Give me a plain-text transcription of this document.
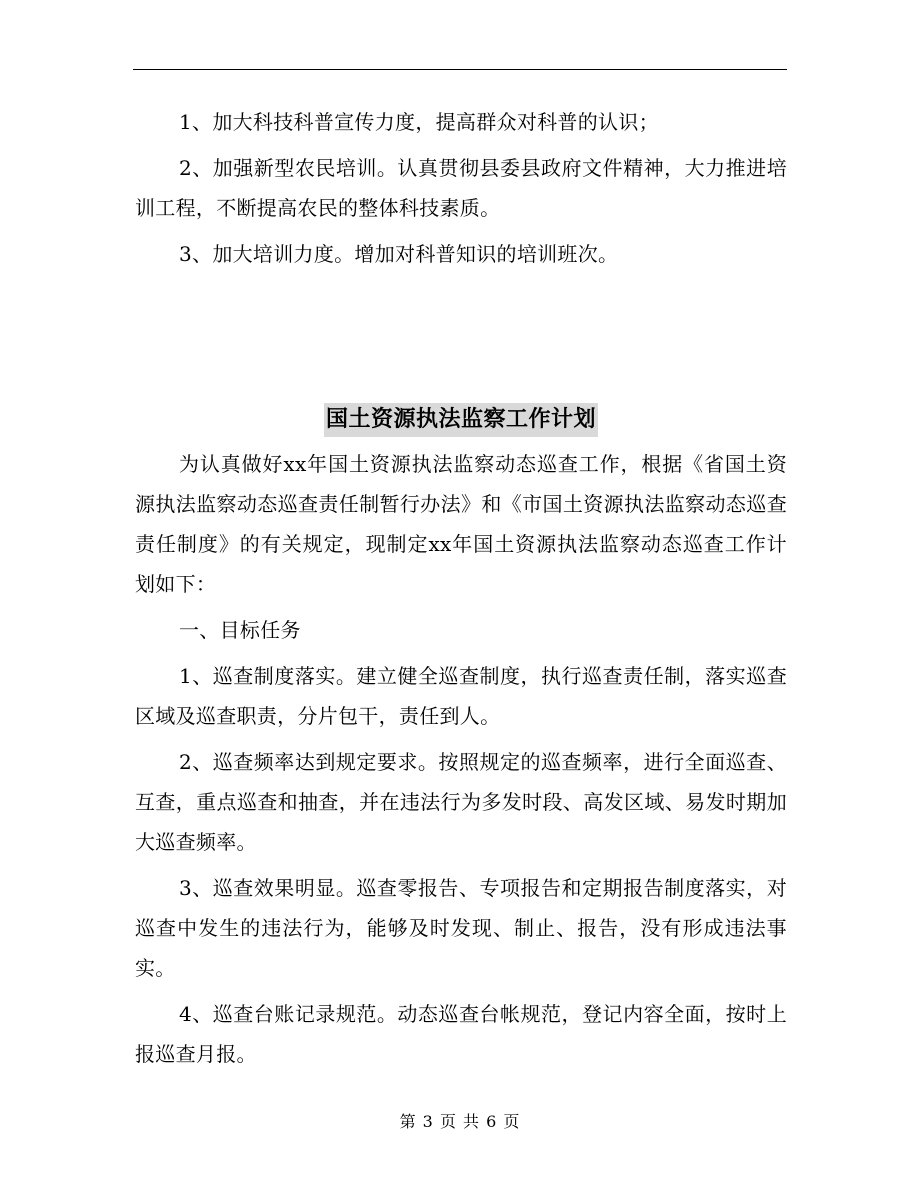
1、加大科技科普宣传力度，提高群众对科普的认识；

2、加强新型农民培训。认真贯彻县委县政府文件精神，大力推进培训工程，不断提高农民的整体科技素质。

3、加大培训力度。增加对科普知识的培训班次。

国土资源执法监察工作计划

为认真做好xx年国土资源执法监察动态巡查工作，根据《省国土资源执法监察动态巡查责任制暂行办法》和《市国土资源执法监察动态巡查责任制度》的有关规定，现制定xx年国土资源执法监察动态巡查工作计划如下：

一、目标任务

1、巡查制度落实。建立健全巡查制度，执行巡查责任制，落实巡查区域及巡查职责，分片包干，责任到人。

2、巡查频率达到规定要求。按照规定的巡查频率，进行全面巡查、互查，重点巡查和抽查，并在违法行为多发时段、高发区域、易发时期加大巡查频率。

3、巡查效果明显。巡查零报告、专项报告和定期报告制度落实，对巡查中发生的违法行为，能够及时发现、制止、报告，没有形成违法事实。

4、巡查台账记录规范。动态巡查台帐规范，登记内容全面，按时上报巡查月报。

第 3 页 共 6 页
